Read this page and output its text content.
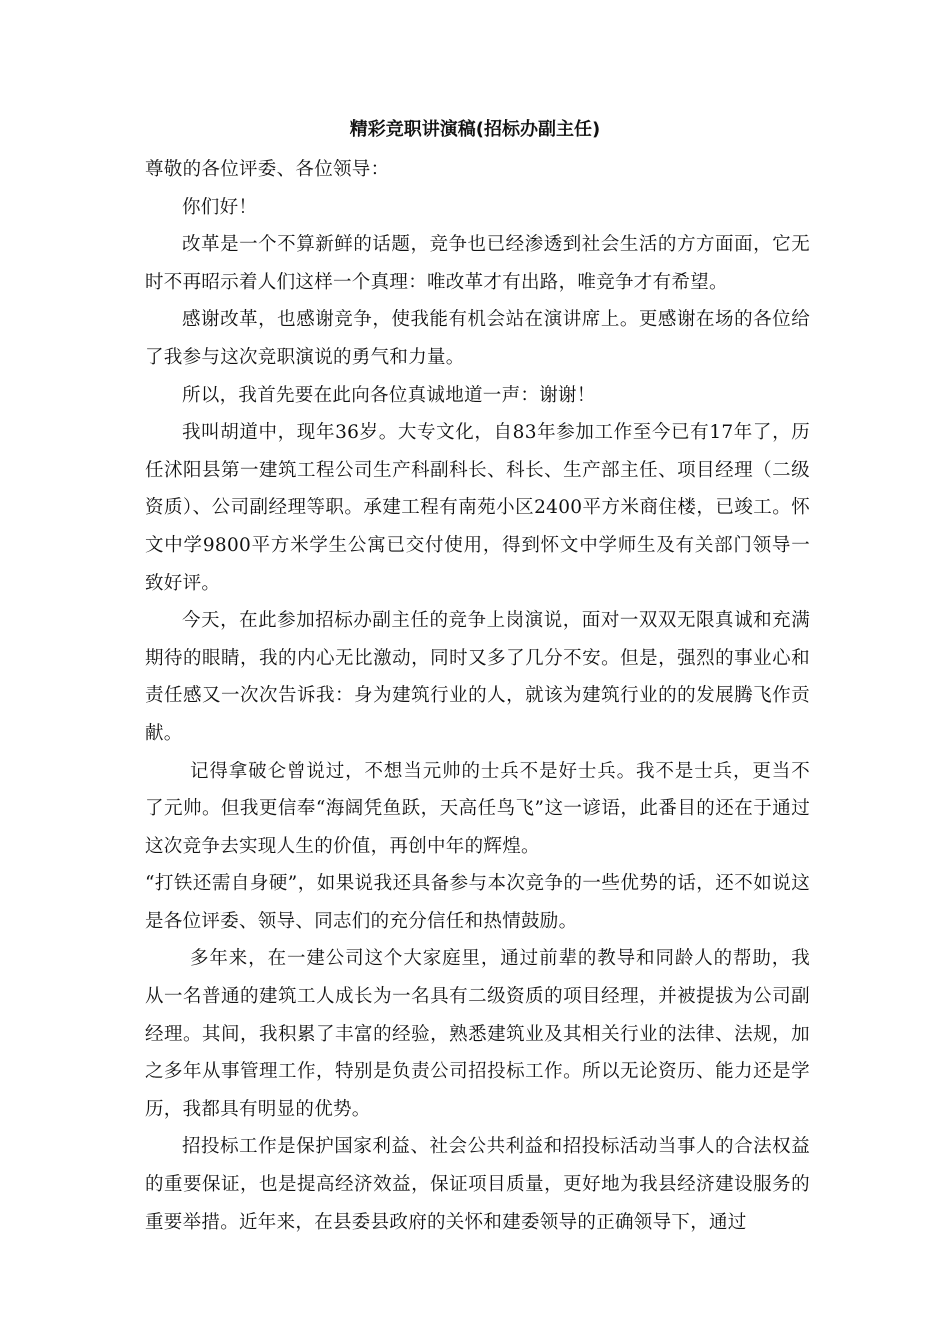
精彩竞职讲演稿(招标办副主任)

尊敬的各位评委、各位领导：

你们好！

改革是一个不算新鲜的话题，竞争也已经渗透到社会生活的方方面面，它无时不再昭示着人们这样一个真理：唯改革才有出路，唯竞争才有希望。

感谢改革，也感谢竞争，使我能有机会站在演讲席上。更感谢在场的各位给了我参与这次竞职演说的勇气和力量。

所以，我首先要在此向各位真诚地道一声：谢谢！

我叫胡道中，现年36岁。大专文化，自83年参加工作至今已有17年了，历任沭阳县第一建筑工程公司生产科副科长、科长、生产部主任、项目经理（二级资质）、公司副经理等职。承建工程有南苑小区2400平方米商住楼，已竣工。怀文中学9800平方米学生公寓已交付使用，得到怀文中学师生及有关部门领导一致好评。

今天，在此参加招标办副主任的竞争上岗演说，面对一双双无限真诚和充满期待的眼睛，我的内心无比激动，同时又多了几分不安。但是，强烈的事业心和责任感又一次次告诉我：身为建筑行业的人，就该为建筑行业的的发展腾飞作贡献。

记得拿破仑曾说过，不想当元帅的士兵不是好士兵。我不是士兵，更当不了元帅。但我更信奉“海阔凭鱼跃，天高任鸟飞”这一谚语，此番目的还在于通过这次竞争去实现人生的价值，再创中年的辉煌。

“打铁还需自身硬”，如果说我还具备参与本次竞争的一些优势的话，还不如说这是各位评委、领导、同志们的充分信任和热情鼓励。

多年来，在一建公司这个大家庭里，通过前辈的教导和同龄人的帮助，我从一名普通的建筑工人成长为一名具有二级资质的项目经理，并被提拔为公司副经理。其间，我积累了丰富的经验，熟悉建筑业及其相关行业的法律、法规，加之多年从事管理工作，特别是负责公司招投标工作。所以无论资历、能力还是学历，我都具有明显的优势。

招投标工作是保护国家利益、社会公共利益和招投标活动当事人的合法权益的重要保证，也是提高经济效益，保证项目质量，更好地为我县经济建设服务的重要举措。近年来，在县委县政府的关怀和建委领导的正确领导下，通过
